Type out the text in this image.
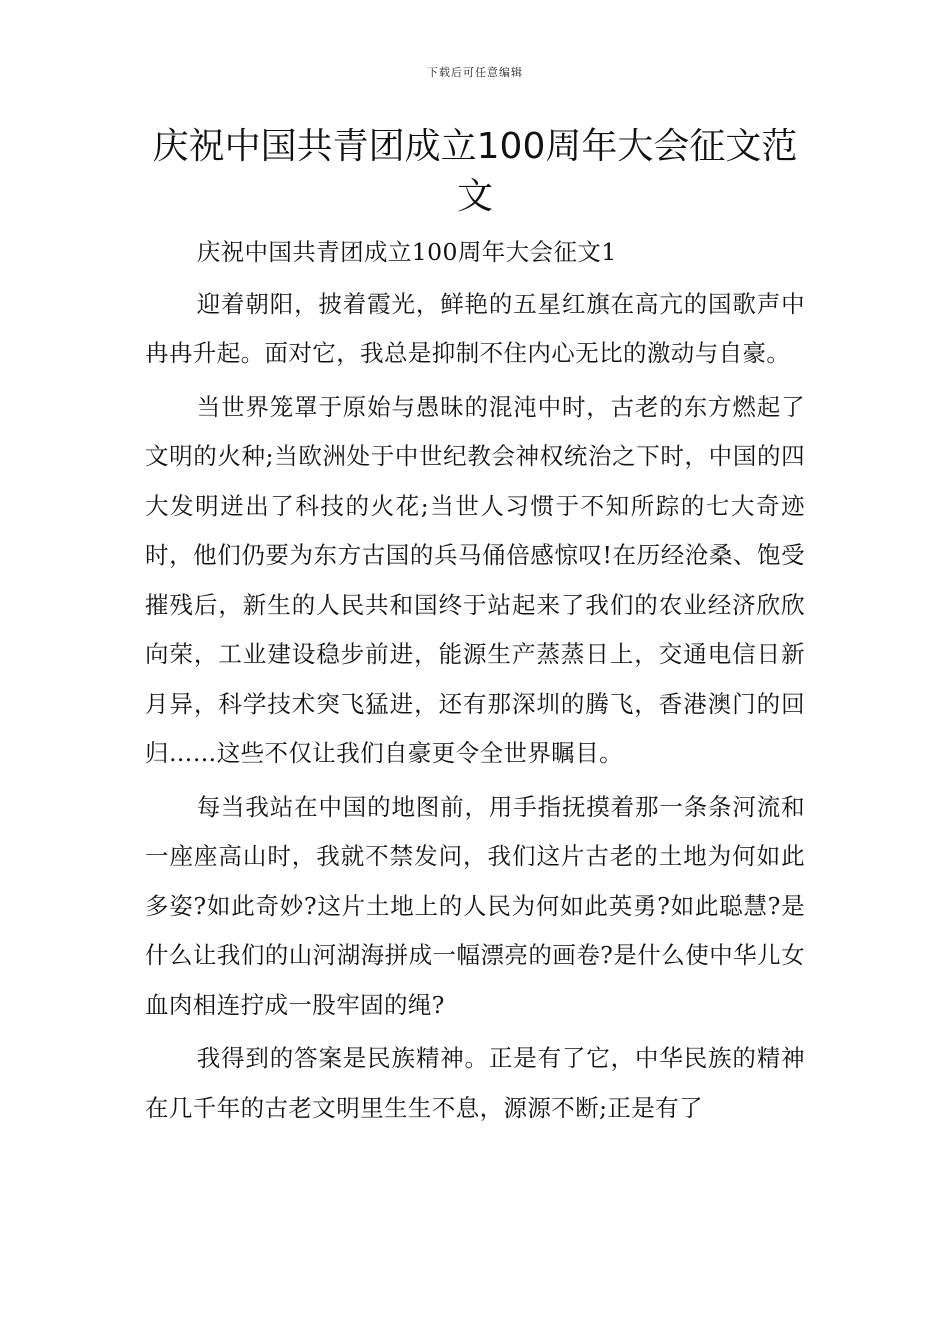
下载后可任意编辑
庆祝中国共青团成立100周年大会征文范文

庆祝中国共青团成立100周年大会征文1

迎着朝阳，披着霞光，鲜艳的五星红旗在高亢的国歌声中冉冉升起。面对它，我总是抑制不住内心无比的激动与自豪。

当世界笼罩于原始与愚昧的混沌中时，古老的东方燃起了文明的火种;当欧洲处于中世纪教会神权统治之下时，中国的四大发明迸出了科技的火花;当世人习惯于不知所踪的七大奇迹时，他们仍要为东方古国的兵马俑倍感惊叹!在历经沧桑、饱受摧残后，新生的人民共和国终于站起来了我们的农业经济欣欣向荣，工业建设稳步前进，能源生产蒸蒸日上，交通电信日新月异，科学技术突飞猛进，还有那深圳的腾飞，香港澳门的回归……这些不仅让我们自豪更令全世界瞩目。

每当我站在中国的地图前，用手指抚摸着那一条条河流和一座座高山时，我就不禁发问，我们这片古老的土地为何如此多姿?如此奇妙?这片土地上的人民为何如此英勇?如此聪慧?是什么让我们的山河湖海拼成一幅漂亮的画卷?是什么使中华儿女血肉相连拧成一股牢固的绳?

我得到的答案是民族精神。正是有了它，中华民族的精神在几千年的古老文明里生生不息，源源不断;正是有了
